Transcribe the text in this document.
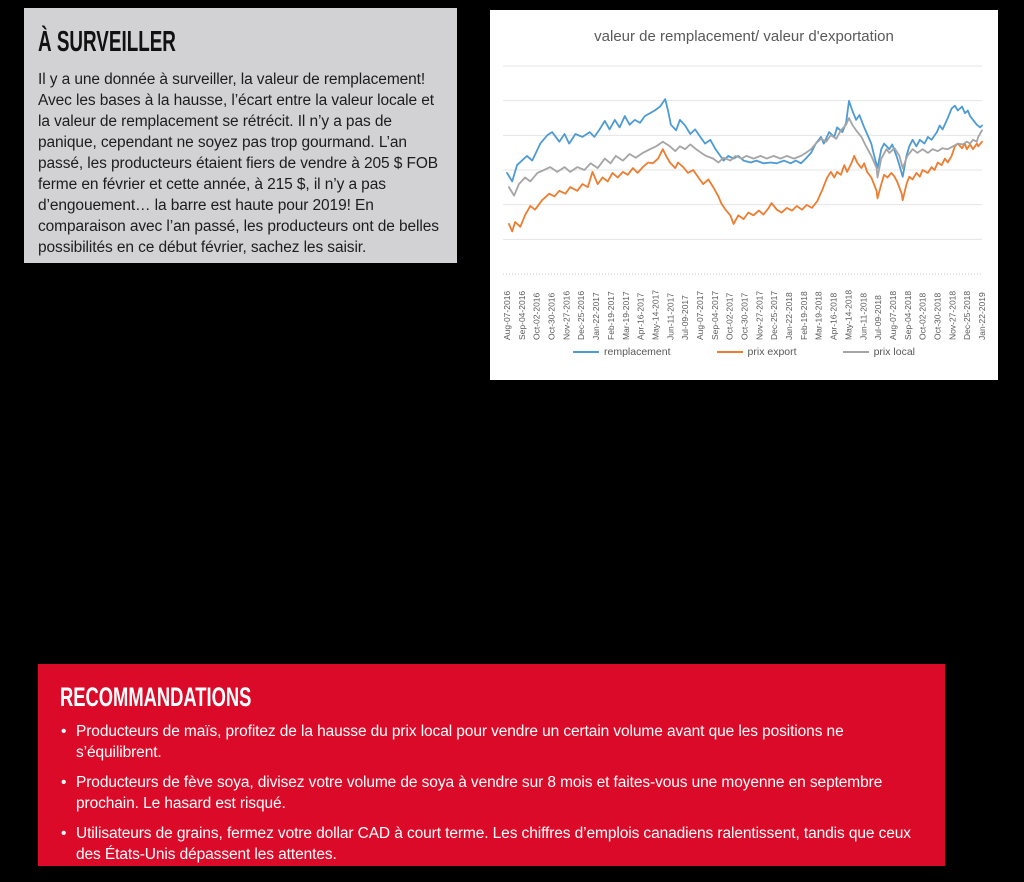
À SURVEILLER

Il y a une donnée à surveiller, la valeur de remplacement! Avec les bases à la hausse, l’écart entre la valeur locale et la valeur de remplacement se rétrécit. Il n’y a pas de panique, cependant ne soyez pas trop gourmand. L’an passé, les producteurs étaient fiers de vendre à 205 $ FOB ferme en février et cette année, à 215 $, il n’y a pas d’engouement… la barre est haute pour 2019! En comparaison avec l’an passé, les producteurs ont de belles possibilités en ce début février, sachez les saisir.

valeur de remplacement/ valeur d'exportation
Aug-07-2016 Sep-04-2016 Oct-02-2016 Oct-30-2016 Nov-27-2016 Dec-25-2016 Jan-22-2017 Feb-19-2017 Mar-19-2017 Apr-16-2017 May-14-2017 Jun-11-2017 Jul-09-2017 Aug-07-2017 Sep-04-2017 Oct-02-2017 Oct-30-2017 Nov-27-2017 Dec-25-2017 Jan-22-2018 Feb-19-2018 Mar-19-2018 Apr-16-2018 May-14-2018 Jun-11-2018 Jul-09-2018 Aug-07-2018 Sep-04-2018 Oct-02-2018 Oct-30-2018 Nov-27-2018 Dec-25-2018 Jan-22-2019
remplacement	prix export	prix local
RECOMMANDATIONS
• Producteurs de maïs, profitez de la hausse du prix local pour vendre un certain volume avant que les positions ne s’équilibrent.
• Producteurs de fève soya, divisez votre volume de soya à vendre sur 8 mois et faites-vous une moyenne en septembre prochain. Le hasard est risqué.
• Utilisateurs de grains, fermez votre dollar CAD à court terme. Les chiffres d’emplois canadiens ralentissent, tandis que ceux des États-Unis dépassent les attentes.
